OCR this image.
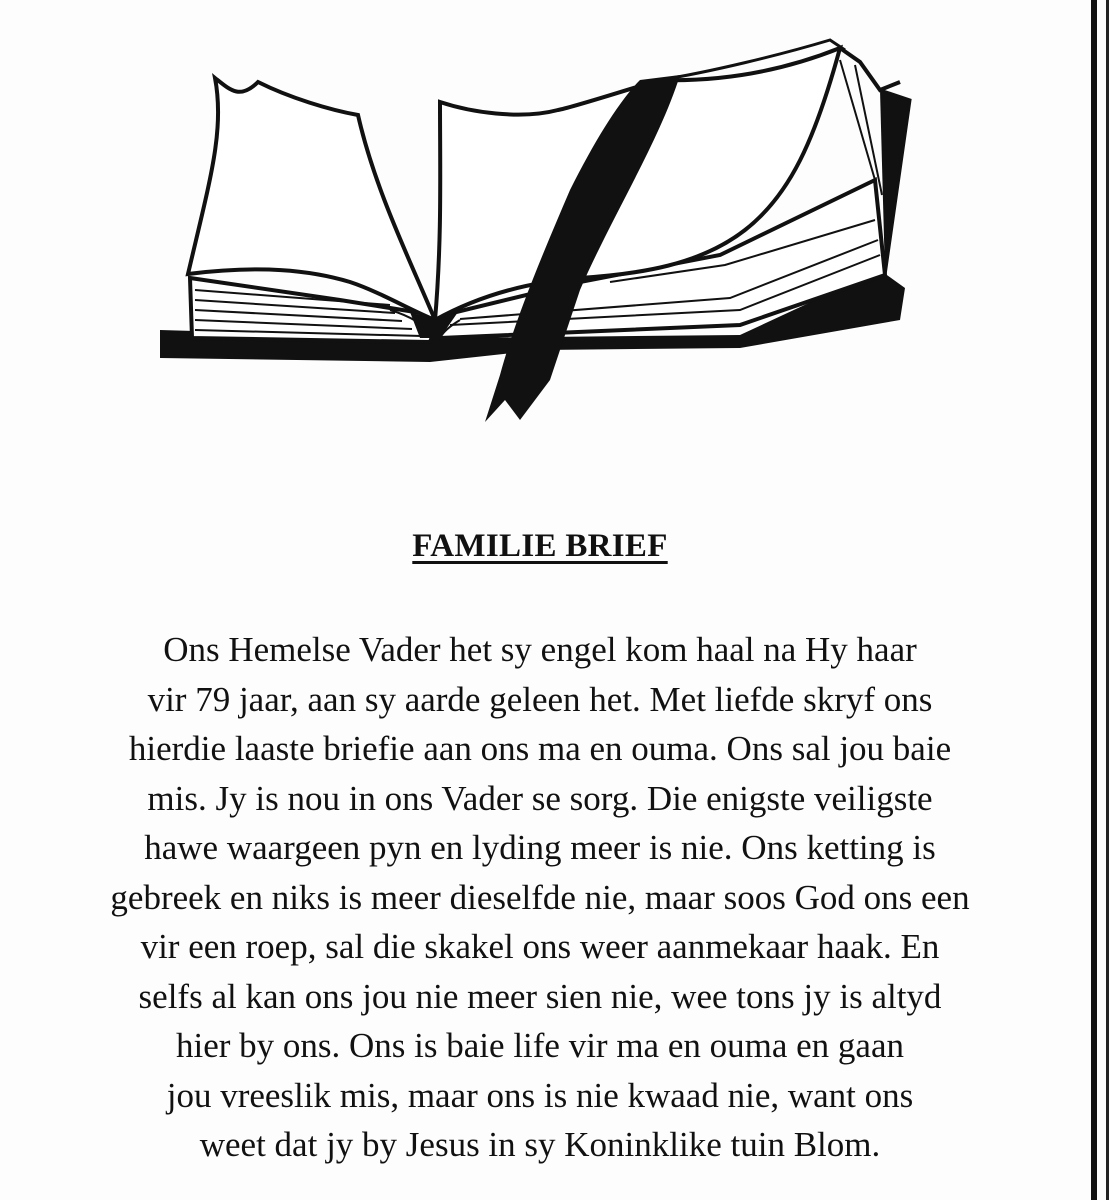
FAMILIE BRIEF
Ons Hemelse Vader het sy engel kom haal na Hy haar
vir 79 jaar, aan sy aarde geleen het. Met liefde skryf ons
hierdie laaste briefie aan ons ma en ouma. Ons sal jou baie
mis. Jy is nou in ons Vader se sorg. Die enigste veiligste
hawe waargeen pyn en lyding meer is nie. Ons ketting is
gebreek en niks is meer dieselfde nie, maar soos God ons een
vir een roep, sal die skakel ons weer aanmekaar haak. En
selfs al kan ons jou nie meer sien nie, wee tons jy is altyd
hier by ons. Ons is baie life vir ma en ouma en gaan
jou vreeslik mis, maar ons is nie kwaad nie, want ons
weet dat jy by Jesus in sy Koninklike tuin Blom.
